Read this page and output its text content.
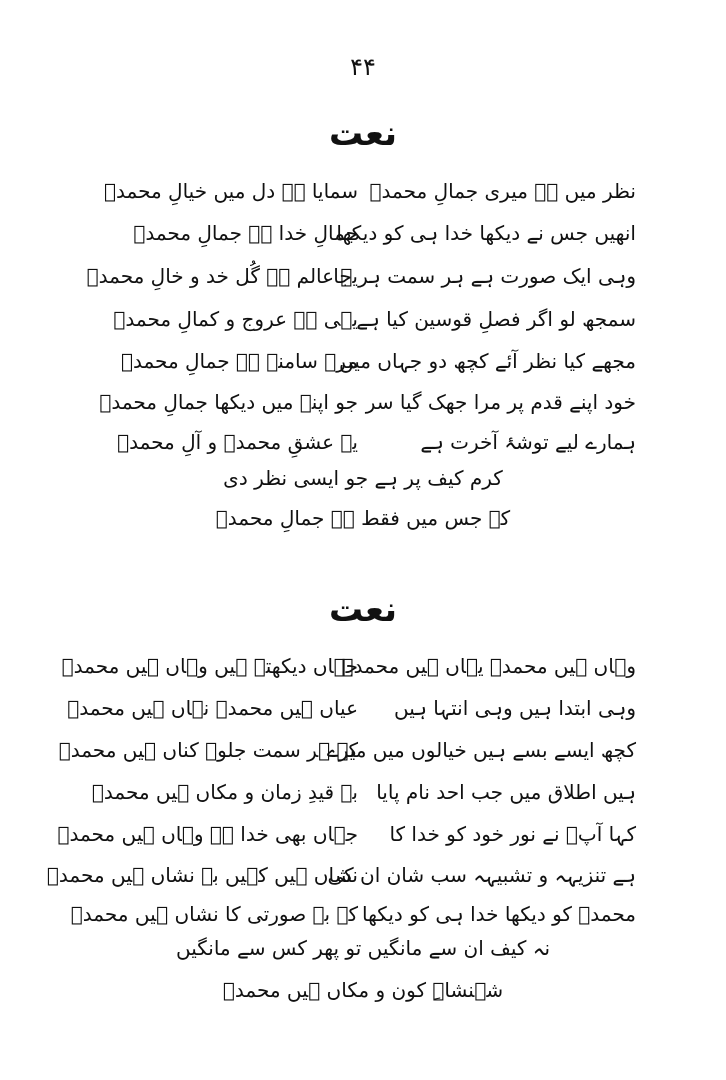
۴۴
نعت
نظر میں ہے میری جمالِ محمدؐ
سمایا ہے دل میں خیالِ محمدؐ
انھیں جس نے دیکھا خدا ہی کو دیکھا
جمالِ خدا ہے جمالِ محمدؐ
وہی ایک صورت ہے ہر سمت ہر جا
یہ عالم ہے گُل خد و خالِ محمدؐ
سمجھ لو اگر فصلِ قوسین کیا ہے
یہی ہے عروج و کمالِ محمدؐ
مجھے کیا نظر آئے کچھ دو جہاں میں
مرے سامنے ہے جمالِ محمدؐ
خود اپنے قدم پر مرا جھک گیا سر
جو اپنے میں دیکھا جمالِ محمدؐ
ہمارے لیے توشۂ آخرت ہے
یہ عشقِ محمدؐ و آلِ محمدؐ
کرم کیف پر ہے جو ایسی نظر دی
کہ جس میں فقط ہے جمالِ محمدؐ
نعت
وہاں ہیں محمدؐ یہاں ہیں محمدؐ
جہاں دیکھتے ہیں وہاں ہیں محمدؐ
وہی ابتدا ہیں وہی انتہا ہیں
عیاں ہیں محمدؐ نہاں ہیں محمدؐ
کچھ ایسے بسے ہیں خیالوں میں میرے
کہ ہر سمت جلوہ کناں ہیں محمدؐ
ہیں اطلاق میں جب احد نام پایا
بہ قیدِ زمان و مکاں ہیں محمدؐ
کہا آپؐ نے نور خود کو خدا کا
جہاں بھی خدا ہے وہاں ہیں محمدؐ
ہے تنزیہہ و تشبیہہ سب شان ان کی
نشاں ہیں کہیں بے نشاں ہیں محمدؐ
محمدؐ کو دیکھا خدا ہی کو دیکھا
کہ بے صورتی کا نشاں ہیں محمدؐ
نہ کیف ان سے مانگیں تو پھر کس سے مانگیں
شہنشاہِ کون و مکاں ہیں محمدؐ
